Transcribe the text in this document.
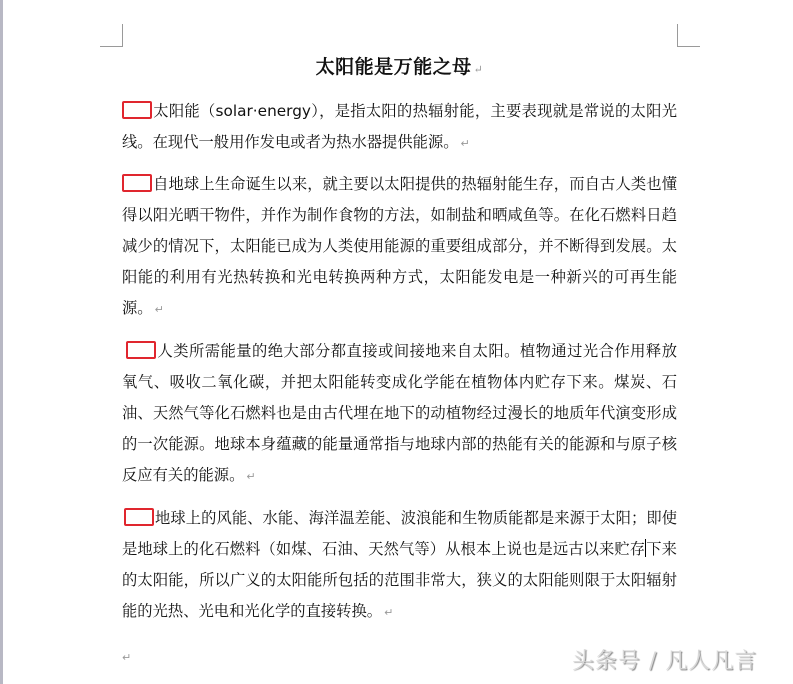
太阳能是万能之母 ↵
太阳能（solar·energy），是指太阳的热辐射能，主要表现就是常说的太阳光线。在现代一般用作发电或者为热水器提供能源。 ↵
自地球上生命诞生以来，就主要以太阳提供的热辐射能生存，而自古人类也懂得以阳光晒干物件，并作为制作食物的方法，如制盐和晒咸鱼等。在化石燃料日趋减少的情况下，太阳能已成为人类使用能源的重要组成部分，并不断得到发展。太阳能的利用有光热转换和光电转换两种方式，太阳能发电是一种新兴的可再生能源。 ↵
人类所需能量的绝大部分都直接或间接地来自太阳。植物通过光合作用释放氧气、吸收二氧化碳，并把太阳能转变成化学能在植物体内贮存下来。煤炭、石油、天然气等化石燃料也是由古代埋在地下的动植物经过漫长的地质年代演变形成的一次能源。地球本身蕴藏的能量通常指与地球内部的热能有关的能源和与原子核反应有关的能源。 ↵
地球上的风能、水能、海洋温差能、波浪能和生物质能都是来源于太阳；即使是地球上的化石燃料（如煤、石油、天然气等）从根本上说也是远古以来贮存下来的太阳能，所以广义的太阳能所包括的范围非常大，狭义的太阳能则限于太阳辐射能的光热、光电和光化学的直接转换。 ↵
↵	头条号 / 凡人凡言
